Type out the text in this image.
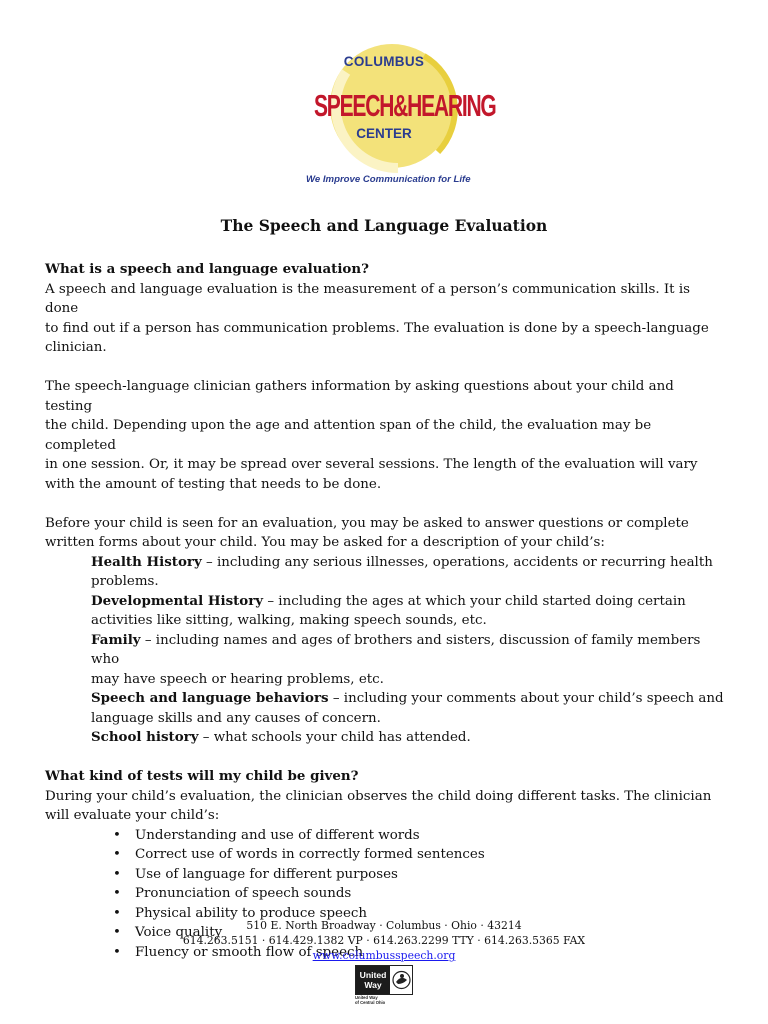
COLUMBUS
SPEECH&HEARING
CENTER
We Improve Communication for Life
The Speech and Language Evaluation

What is a speech and language evaluation?

A speech and language evaluation is the measurement of a person’s communication skills. It is done

to find out if a person has communication problems. The evaluation is done by a speech-language

clinician.

The speech-language clinician gathers information by asking questions about your child and testing

the child. Depending upon the age and attention span of the child, the evaluation may be completed

in one session. Or, it may be spread over several sessions. The length of the evaluation will vary

with the amount of testing that needs to be done.

Before your child is seen for an evaluation, you may be asked to answer questions or complete

written forms about your child. You may be asked for a description of your child’s:

Health History – including any serious illnesses, operations, accidents or recurring health

problems.

Developmental History – including the ages at which your child started doing certain

activities like sitting, walking, making speech sounds, etc.

Family – including names and ages of brothers and sisters, discussion of family members who

may have speech or hearing problems, etc.

Speech and language behaviors – including your comments about your child’s speech and

language skills and any causes of concern.

School history – what schools your child has attended.

What kind of tests will my child be given?

During your child’s evaluation, the clinician observes the child doing different tasks. The clinician

will evaluate your child’s:

• Understanding and use of different words
• Correct use of words in correctly formed sentences
• Use of language for different purposes
• Pronunciation of speech sounds
• Physical ability to produce speech
• Voice quality
• Fluency or smooth flow of speech
510 E. North Broadway · Columbus · Ohio · 43214
614.263.5151 · 614.429.1382 VP · 614.263.2299 TTY · 614.263.5365 FAX
www.columbusspeech.org
United
Way
United Way
of Central Ohio
